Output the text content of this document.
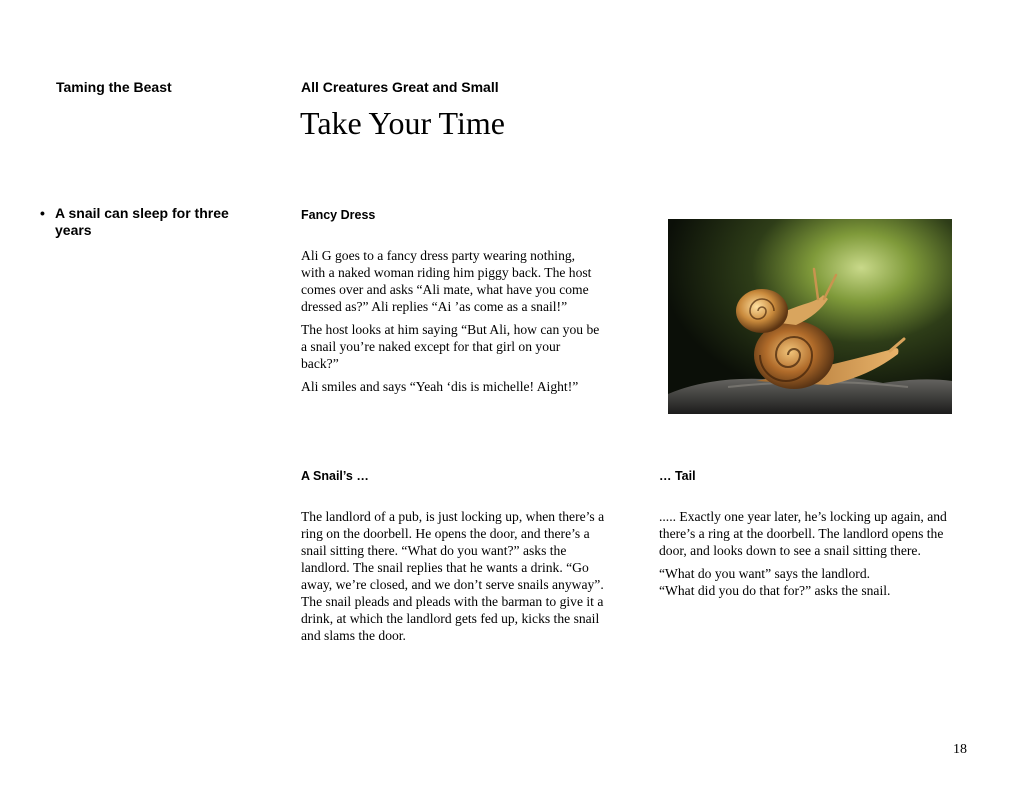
Taming the Beast	All Creatures Great and Small
Take Your Time
• A snail can sleep for three years
Fancy Dress

Ali G goes to a fancy dress party wearing nothing, with a naked woman riding him piggy back. The host comes over and asks “Ali mate, what have you come dressed as?” Ali replies “Ai ’as come as a snail!”

The host looks at him saying “But Ali, how can you be a snail you’re naked except for that girl on your back?”

Ali smiles and says “Yeah ‘dis is michelle! Aight!”

A Snail’s …

The landlord of a pub, is just locking up, when there’s a ring on the doorbell. He opens the door, and there’s a snail sitting there. “What do you want?” asks the landlord. The snail replies that he wants a drink. “Go away, we’re closed, and we don’t serve snails anyway”. The snail pleads and pleads with the barman to give it a drink, at which the landlord gets fed up, kicks the snail and slams the door.

… Tail

..... Exactly one year later, he’s locking up again, and there’s a ring at the doorbell. The landlord opens the door, and looks down to see a snail sitting there.

“What do you want” says the landlord.

“What did you do that for?” asks the snail.

18
